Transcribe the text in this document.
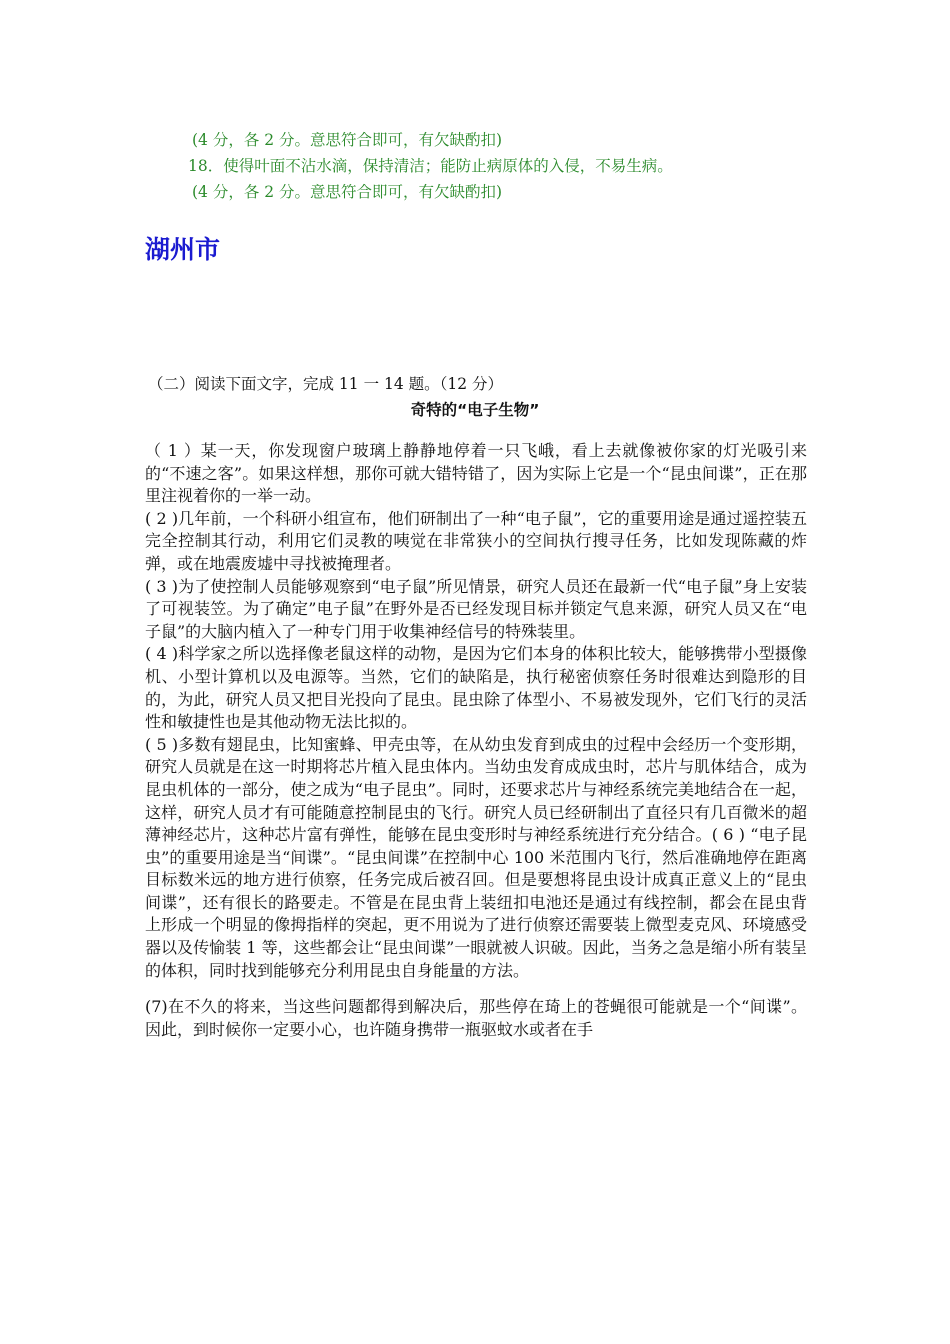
(4 分，各 2 分。意思符合即可，有欠缺酌扣)
18．使得叶面不沾水滴，保持清洁；能防止病原体的入侵，不易生病。
(4 分，各 2 分。意思符合即可，有欠缺酌扣)
湖州市
（二）阅读下面文字，完成 11 一 14 题。（12 分）
奇特的“电子生物”

（ 1 ）某一天，你发现窗户玻璃上静静地停着一只飞峨，看上去就像被你家的灯光吸引来的“不速之客”。如果这样想，那你可就大错特错了，因为实际上它是一个“昆虫间谍”，正在那里注视着你的一举一动。

( 2 )几年前，一个科研小组宣布，他们研制出了一种“电子鼠”，它的重要用途是通过遥控装五完全控制其行动，利用它们灵教的咦觉在非常狭小的空间执行搜寻任务，比如发现陈藏的炸弹，或在地震废墟中寻找被掩理者。

( 3 )为了使控制人员能够观察到“电子鼠”所见情景，研究人员还在最新一代“电子鼠”身上安装了可视装笠。为了确定”电子鼠”在野外是否已经发现目标并锁定气息来源，研究人员又在“电子鼠”的大脑内植入了一种专门用于收集神经信号的特殊装里。

( 4 )科学家之所以选择像老鼠这样的动物，是因为它们本身的体积比较大，能够携带小型摄像机、小型计算机以及电源等。当然，它们的缺陷是，执行秘密侦察任务时很难达到隐形的目的，为此，研究人员又把目光投向了昆虫。昆虫除了体型小、不易被发现外，它们飞行的灵活性和敏捷性也是其他动物无法比拟的。

( 5 )多数有翅昆虫，比知蜜蜂、甲壳虫等，在从幼虫发育到成虫的过程中会经历一个变形期，研究人员就是在这一时期将芯片植入昆虫体内。当幼虫发育成成虫时，芯片与肌体结合，成为昆虫机体的一部分，使之成为“电子昆虫”。同时，还要求芯片与神经系统完美地结合在一起，这样，研究人员才有可能随意控制昆虫的飞行。研究人员已经研制出了直径只有几百微米的超薄神经芯片，这种芯片富有弹性，能够在昆虫变形时与神经系统进行充分结合。( 6 ) “电子昆虫”的重要用途是当“间谍”。“昆虫间谍”在控制中心 100 米范围内飞行，然后准确地停在距离目标数米远的地方进行侦察，任务完成后被召回。但是要想将昆虫设计成真正意义上的“昆虫间谍”，还有很长的路要走。不管是在昆虫背上装纽扣电池还是通过有线控制，都会在昆虫背上形成一个明显的像拇指样的突起，更不用说为了进行侦察还需要装上微型麦克风、环境感受器以及传愉装 1 等，这些都会让“昆虫间谍”一眼就被人识破。因此，当务之急是缩小所有装呈的体积，同时找到能够充分利用昆虫自身能量的方法。

(7)在不久的将来，当这些问题都得到解决后，那些停在琦上的苍蝇很可能就是一个“间谍”。因此，到时候你一定要小心，也许随身携带一瓶驱蚊水或者在手
